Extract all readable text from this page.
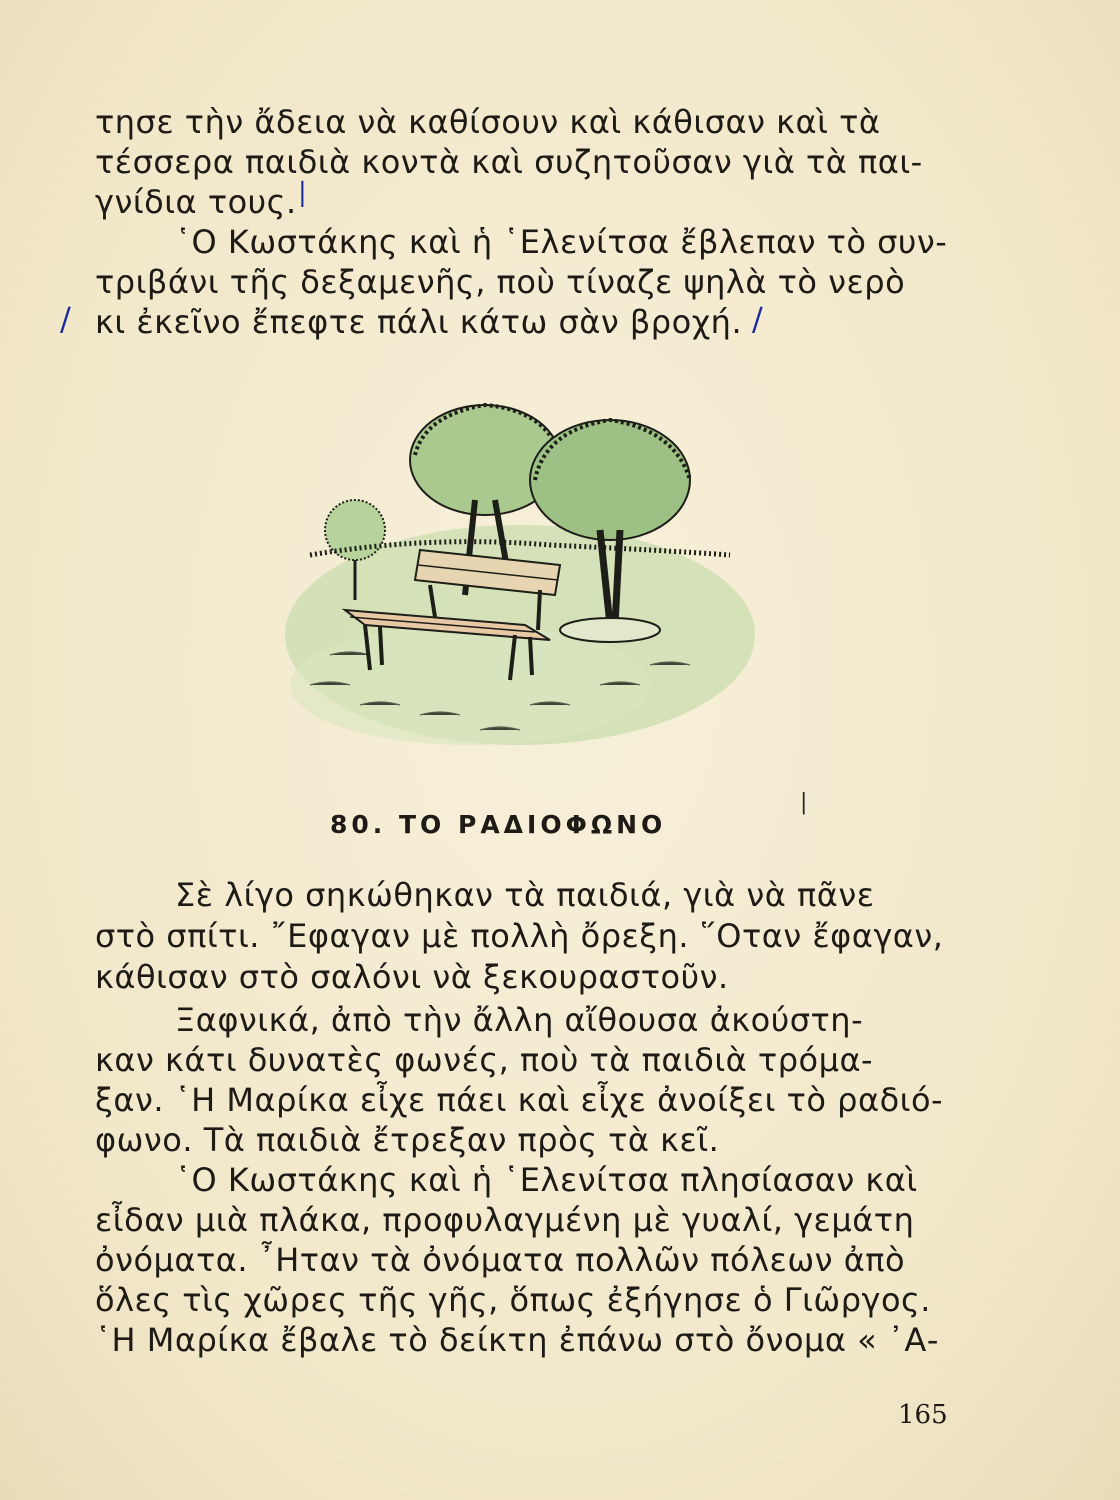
τησε τὴν ἄδεια νὰ καθίσουν καὶ κάθισαν καὶ τὰ
τέσσερα παιδιὰ κοντὰ καὶ συζητοῦσαν γιὰ τὰ παι-
γνίδια τους.
῾Ο Κωστάκης καὶ ἡ ῾Ελενίτσα ἔβλεπαν τὸ συν-
τριβάνι τῆς δεξαμενῆς, ποὺ τίναζε ψηλὰ τὸ νερὸ
κι ἐκεῖνο ἔπεφτε πάλι κάτω σὰν βροχή.
|
/	/
80. ΤΟ ΡΑΔΙΟΦΩΝΟ
|
Σὲ λίγο σηκώθηκαν τὰ παιδιά, γιὰ νὰ πᾶνε
στὸ σπίτι. ῎Εφαγαν μὲ πολλὴ ὄρεξη. ῞Οταν ἔφαγαν,
κάθισαν στὸ σαλόνι νὰ ξεκουραστοῦν.
Ξαφνικά, ἀπὸ τὴν ἄλλη αἴθουσα ἀκούστη-
καν κάτι δυνατὲς φωνές, ποὺ τὰ παιδιὰ τρόμα-
ξαν. ῾Η Μαρίκα εἶχε πάει καὶ εἶχε ἀνοίξει τὸ ραδιό-
φωνο. Τὰ παιδιὰ ἔτρεξαν πρὸς τὰ κεῖ.
῾Ο Κωστάκης καὶ ἡ ῾Ελενίτσα πλησίασαν καὶ
εἶδαν μιὰ πλάκα, προφυλαγμένη μὲ γυαλί, γεμάτη
ὀνόματα. ῏Ηταν τὰ ὀνόματα πολλῶν πόλεων ἀπὸ
ὅλες τὶς χῶρες τῆς γῆς, ὅπως ἐξήγησε ὁ Γιῶργος.
῾Η Μαρίκα ἔβαλε τὸ δείκτη ἐπάνω στὸ ὄνομα « ᾿Α-
165
